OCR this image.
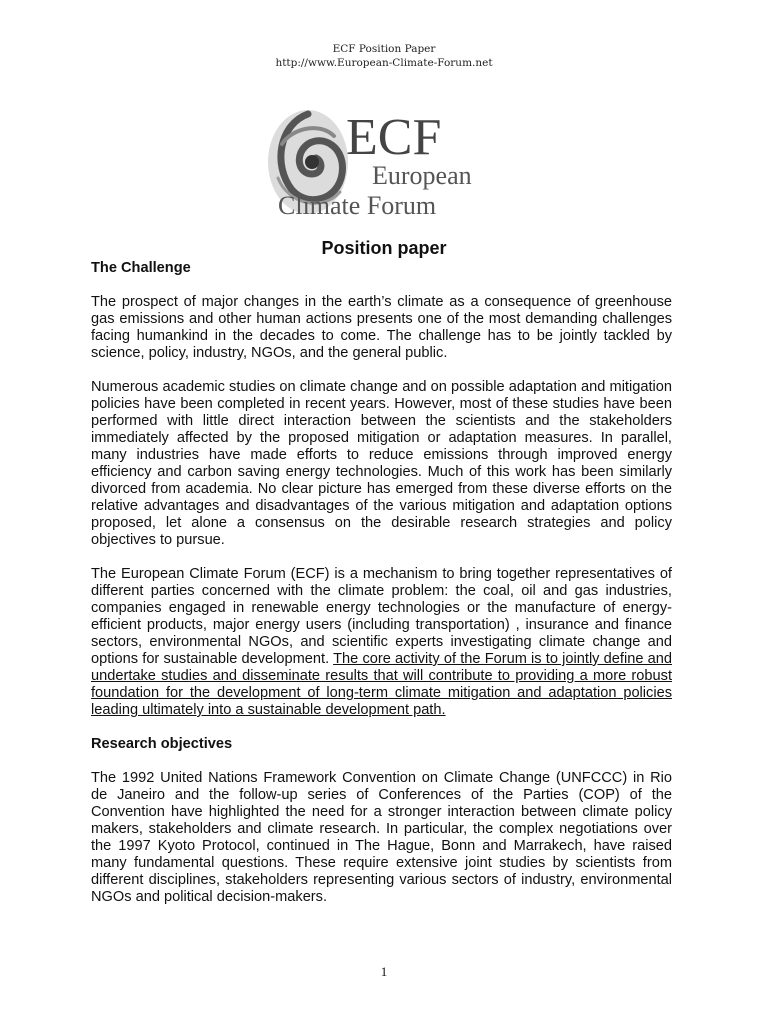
ECF Position Paper
http://www.European-Climate-Forum.net
ECF
European
Climate Forum
Position paper
The Challenge

The prospect of major changes in the earth’s climate as a consequence of greenhouse gas emissions and other human actions presents one of the most demanding challenges facing humankind in the decades to come. The challenge has to be jointly tackled by science, policy, industry, NGOs, and the general public.

Numerous academic studies on climate change and on possible adaptation and mitigation policies have been completed in recent years. However, most of these studies have been performed with little direct interaction between the scientists and the stakeholders immediately affected by the proposed mitigation or adaptation measures. In parallel, many industries have made efforts to reduce emissions through improved energy efficiency and carbon saving energy technologies. Much of this work has been similarly divorced from academia. No clear picture has emerged from these diverse efforts on the relative advantages and disadvantages of the various mitigation and adaptation options proposed, let alone a consensus on the desirable research strategies and policy objectives to pursue.

The European Climate Forum (ECF) is a mechanism to bring together representatives of different parties concerned with the climate problem: the coal, oil and gas industries, companies engaged in renewable energy technologies or the manufacture of energy-efficient products, major energy users (including transportation) , insurance and finance sectors, environmental NGOs, and scientific experts investigating climate change and options for sustainable development. The core activity of the Forum is to jointly define and undertake studies and disseminate results that will contribute to providing a more robust foundation for the development of long-term climate mitigation and adaptation policies leading ultimately into a sustainable development path.

Research objectives

The 1992 United Nations Framework Convention on Climate Change (UNFCCC) in Rio de Janeiro and the follow-up series of Conferences of the Parties (COP) of the Convention have highlighted the need for a stronger interaction between climate policy makers, stakeholders and climate research. In particular, the complex negotiations over the 1997 Kyoto Protocol, continued in The Hague, Bonn and Marrakech, have raised many fundamental questions. These require extensive joint studies by scientists from different disciplines, stakeholders representing various sectors of industry, environmental NGOs and political decision-makers.

1
